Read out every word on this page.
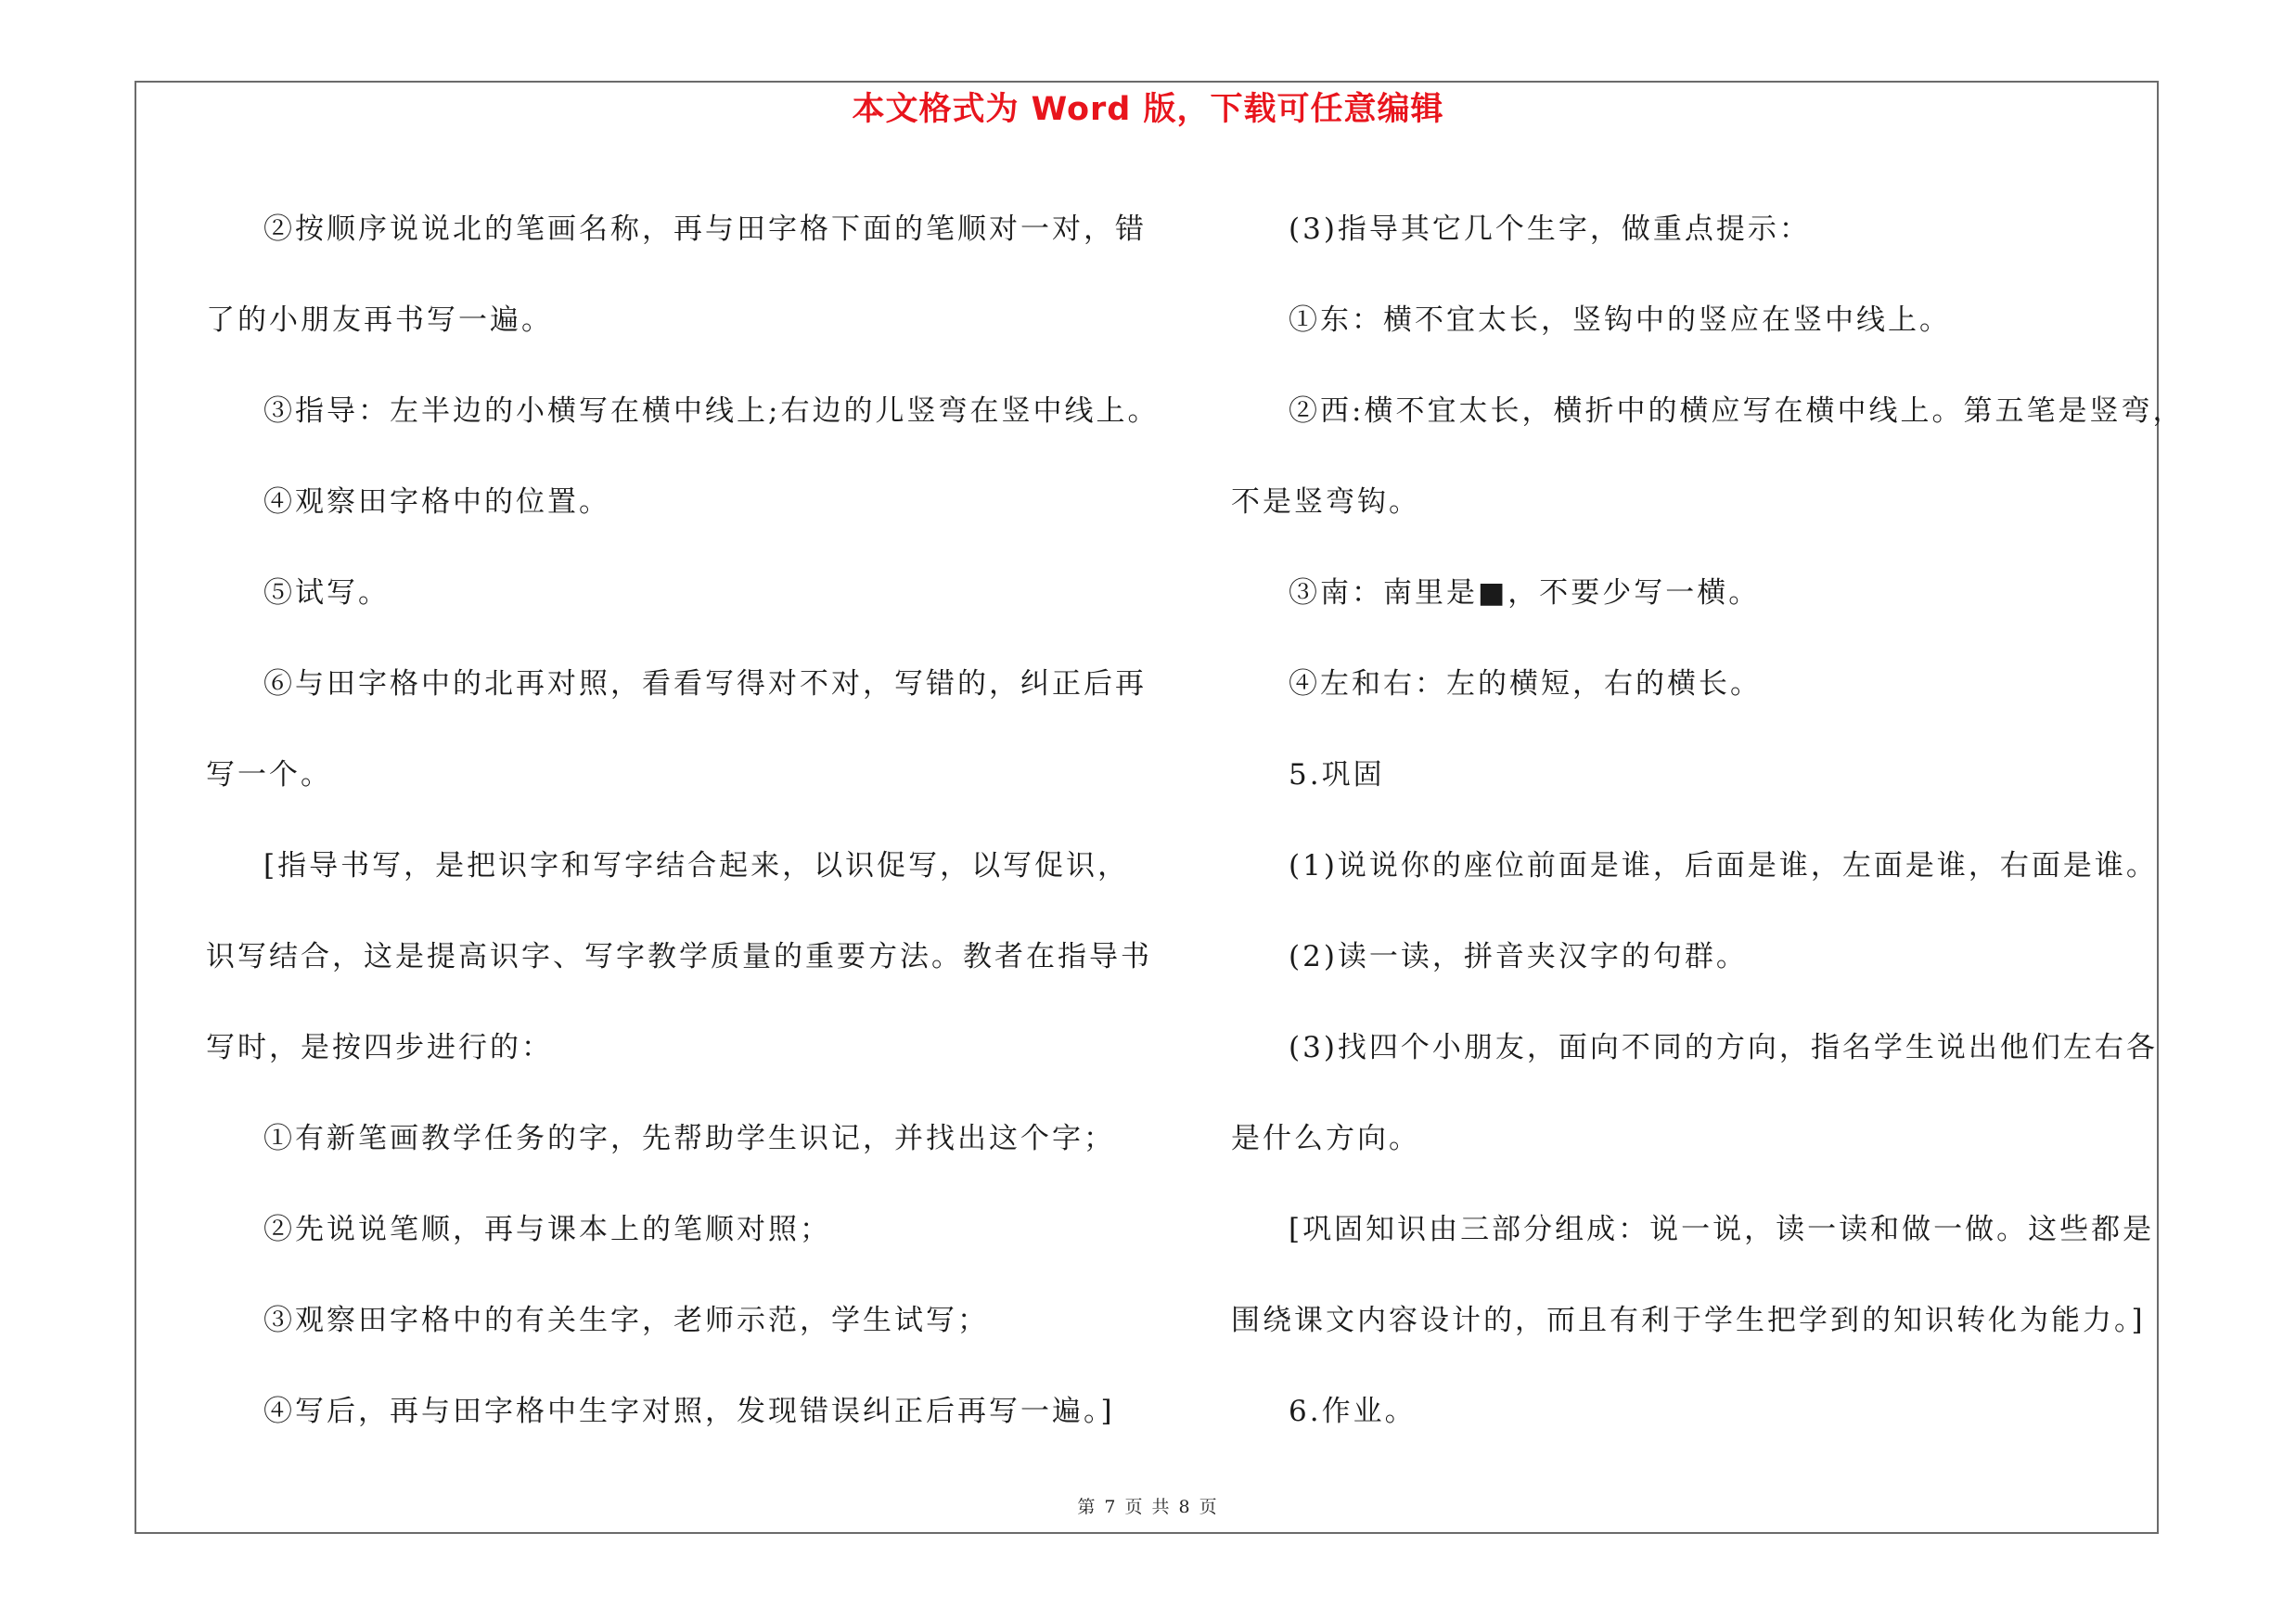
本文格式为 Word 版，下载可任意编辑

②按顺序说说北的笔画名称，再与田字格下面的笔顺对一对，错

了的小朋友再书写一遍。

③指导：左半边的小横写在横中线上;右边的儿竖弯在竖中线上。

④观察田字格中的位置。

⑤试写。

⑥与田字格中的北再对照，看看写得对不对，写错的，纠正后再

写一个。

[指导书写，是把识字和写字结合起来，以识促写，以写促识，

识写结合，这是提高识字、写字教学质量的重要方法。教者在指导书

写时，是按四步进行的：

①有新笔画教学任务的字，先帮助学生识记，并找出这个字；

②先说说笔顺，再与课本上的笔顺对照；

③观察田字格中的有关生字，老师示范，学生试写；

④写后，再与田字格中生字对照，发现错误纠正后再写一遍。]

(3)指导其它几个生字，做重点提示：

①东：横不宜太长，竖钩中的竖应在竖中线上。

②西:横不宜太长，横折中的横应写在横中线上。第五笔是竖弯，

不是竖弯钩。

③南：南里是■，不要少写一横。

④左和右：左的横短，右的横长。

5.巩固

(1)说说你的座位前面是谁，后面是谁，左面是谁，右面是谁。

(2)读一读，拼音夹汉字的句群。

(3)找四个小朋友，面向不同的方向，指名学生说出他们左右各

是什么方向。

[巩固知识由三部分组成：说一说，读一读和做一做。这些都是

围绕课文内容设计的，而且有利于学生把学到的知识转化为能力。]

6.作业。

第 7 页 共 8 页
